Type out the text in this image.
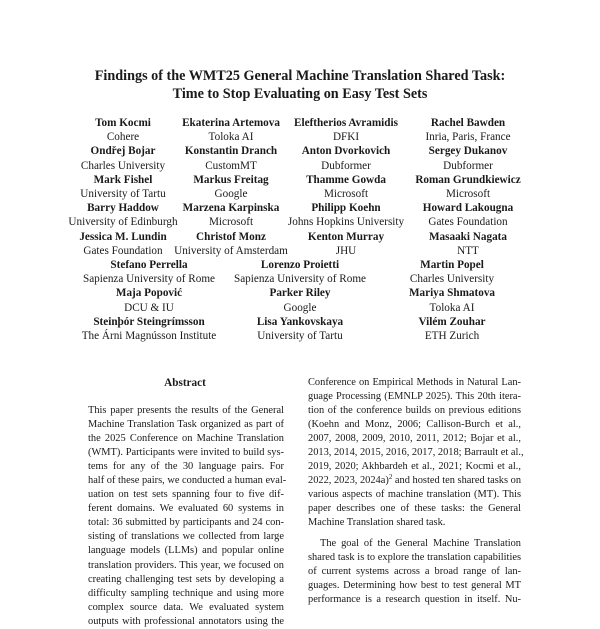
Findings of the WMT25 General Machine Translation Shared Task:
Time to Stop Evaluating on Easy Test Sets
Tom Kocmi
Cohere
Ekaterina Artemova
Toloka AI
Eleftherios Avramidis
DFKI
Rachel Bawden
Inria, Paris, France
Ondřej Bojar
Charles University
Konstantin Dranch
CustomMT
Anton Dvorkovich
Dubformer
Sergey Dukanov
Dubformer
Mark Fishel
University of Tartu
Markus Freitag
Google
Thamme Gowda
Microsoft
Roman Grundkiewicz
Microsoft
Barry Haddow
University of Edinburgh
Marzena Karpinska
Microsoft
Philipp Koehn
Johns Hopkins University
Howard Lakougna
Gates Foundation
Jessica M. Lundin
Gates Foundation
Christof Monz
University of Amsterdam
Kenton Murray
JHU
Masaaki Nagata
NTT
Stefano Perrella
Sapienza University of Rome
Lorenzo Proietti
Sapienza University of Rome
Martin Popel
Charles University
Maja Popović
DCU & IU
Parker Riley
Google
Mariya Shmatova
Toloka AI
Steinþór Steingrímsson
The Árni Magnússon Institute
Lisa Yankovskaya
University of Tartu
Vilém Zouhar
ETH Zurich
Abstract
This paper presents the results of the General
Machine Translation Task organized as part of
the 2025 Conference on Machine Translation
(WMT). Participants were invited to build sys-
tems for any of the 30 language pairs. For
half of these pairs, we conducted a human eval-
uation on test sets spanning four to five dif-
ferent domains. We evaluated 60 systems in
total: 36 submitted by participants and 24 con-
sisting of translations we collected from large
language models (LLMs) and popular online
translation providers. This year, we focused on
creating challenging test sets by developing a
difficulty sampling technique and using more
complex source data. We evaluated system
outputs with professional annotators using the
Conference on Empirical Methods in Natural Lan-
guage Processing (EMNLP 2025). This 20th itera-
tion of the conference builds on previous editions
(Koehn and Monz, 2006; Callison-Burch et al.,
2007, 2008, 2009, 2010, 2011, 2012; Bojar et al.,
2013, 2014, 2015, 2016, 2017, 2018; Barrault et al.,
2019, 2020; Akhbardeh et al., 2021; Kocmi et al.,
2022, 2023, 2024a)$^2$ and hosted ten shared tasks on
various aspects of machine translation (MT). This
paper describes one of these tasks: the General
Machine Translation shared task.
The goal of the General Machine Translation
shared task is to explore the translation capabilities
of current systems across a broad range of lan-
guages. Determining how best to test general MT
performance is a research question in itself. Nu-
